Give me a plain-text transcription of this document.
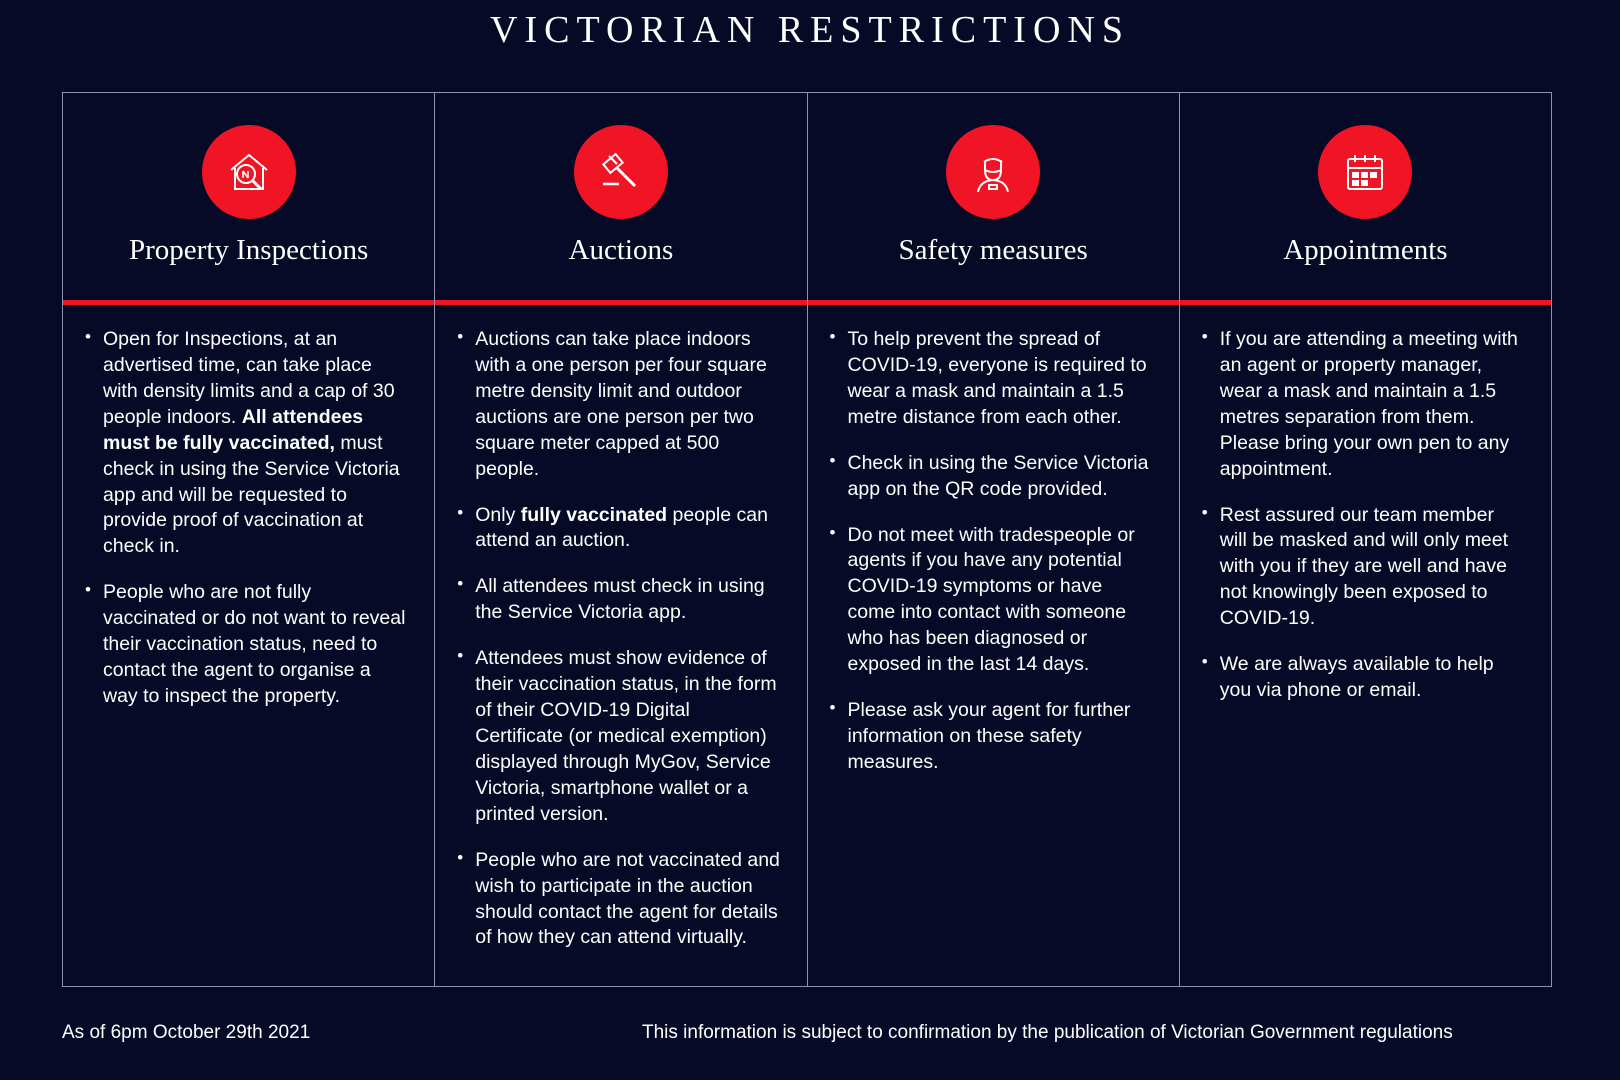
VICTORIAN RESTRICTIONS
Property Inspections
• Open for Inspections, at an advertised time, can take place with density limits and a cap of 30 people indoors. All attendees must be fully vaccinated, must check in using the Service Victoria app and will be requested to provide proof of vaccination at check in.
• People who are not fully vaccinated or do not want to reveal their vaccination status, need to contact the agent to organise a way to inspect the property.
Auctions
• Auctions can take place indoors with a one person per four square metre density limit and outdoor auctions are one person per two square meter capped at 500 people.
• Only fully vaccinated people can attend an auction.
• All attendees must check in using the Service Victoria app.
• Attendees must show evidence of their vaccination status, in the form of their COVID-19 Digital Certificate (or medical exemption) displayed through MyGov, Service Victoria, smartphone wallet or a printed version.
• People who are not vaccinated and wish to participate in the auction should contact the agent for details of how they can attend virtually.
Safety measures
• To help prevent the spread of COVID-19, everyone is required to wear a mask and maintain a 1.5 metre distance from each other.
• Check in using the Service Victoria app on the QR code provided.
• Do not meet with tradespeople or agents if you have any potential COVID-19 symptoms or have come into contact with someone who has been diagnosed or exposed in the last 14 days.
• Please ask your agent for further information on these safety measures.
Appointments
• If you are attending a meeting with an agent or property manager, wear a mask and maintain a 1.5 metres separation from them. Please bring your own pen to any appointment.
• Rest assured our team member will be masked and will only meet with you if they are well and have not knowingly been exposed to COVID-19.
• We are always available to help you via phone or email.
As of 6pm October 29th 2021	This information is subject to confirmation by the publication of Victorian Government regulations
